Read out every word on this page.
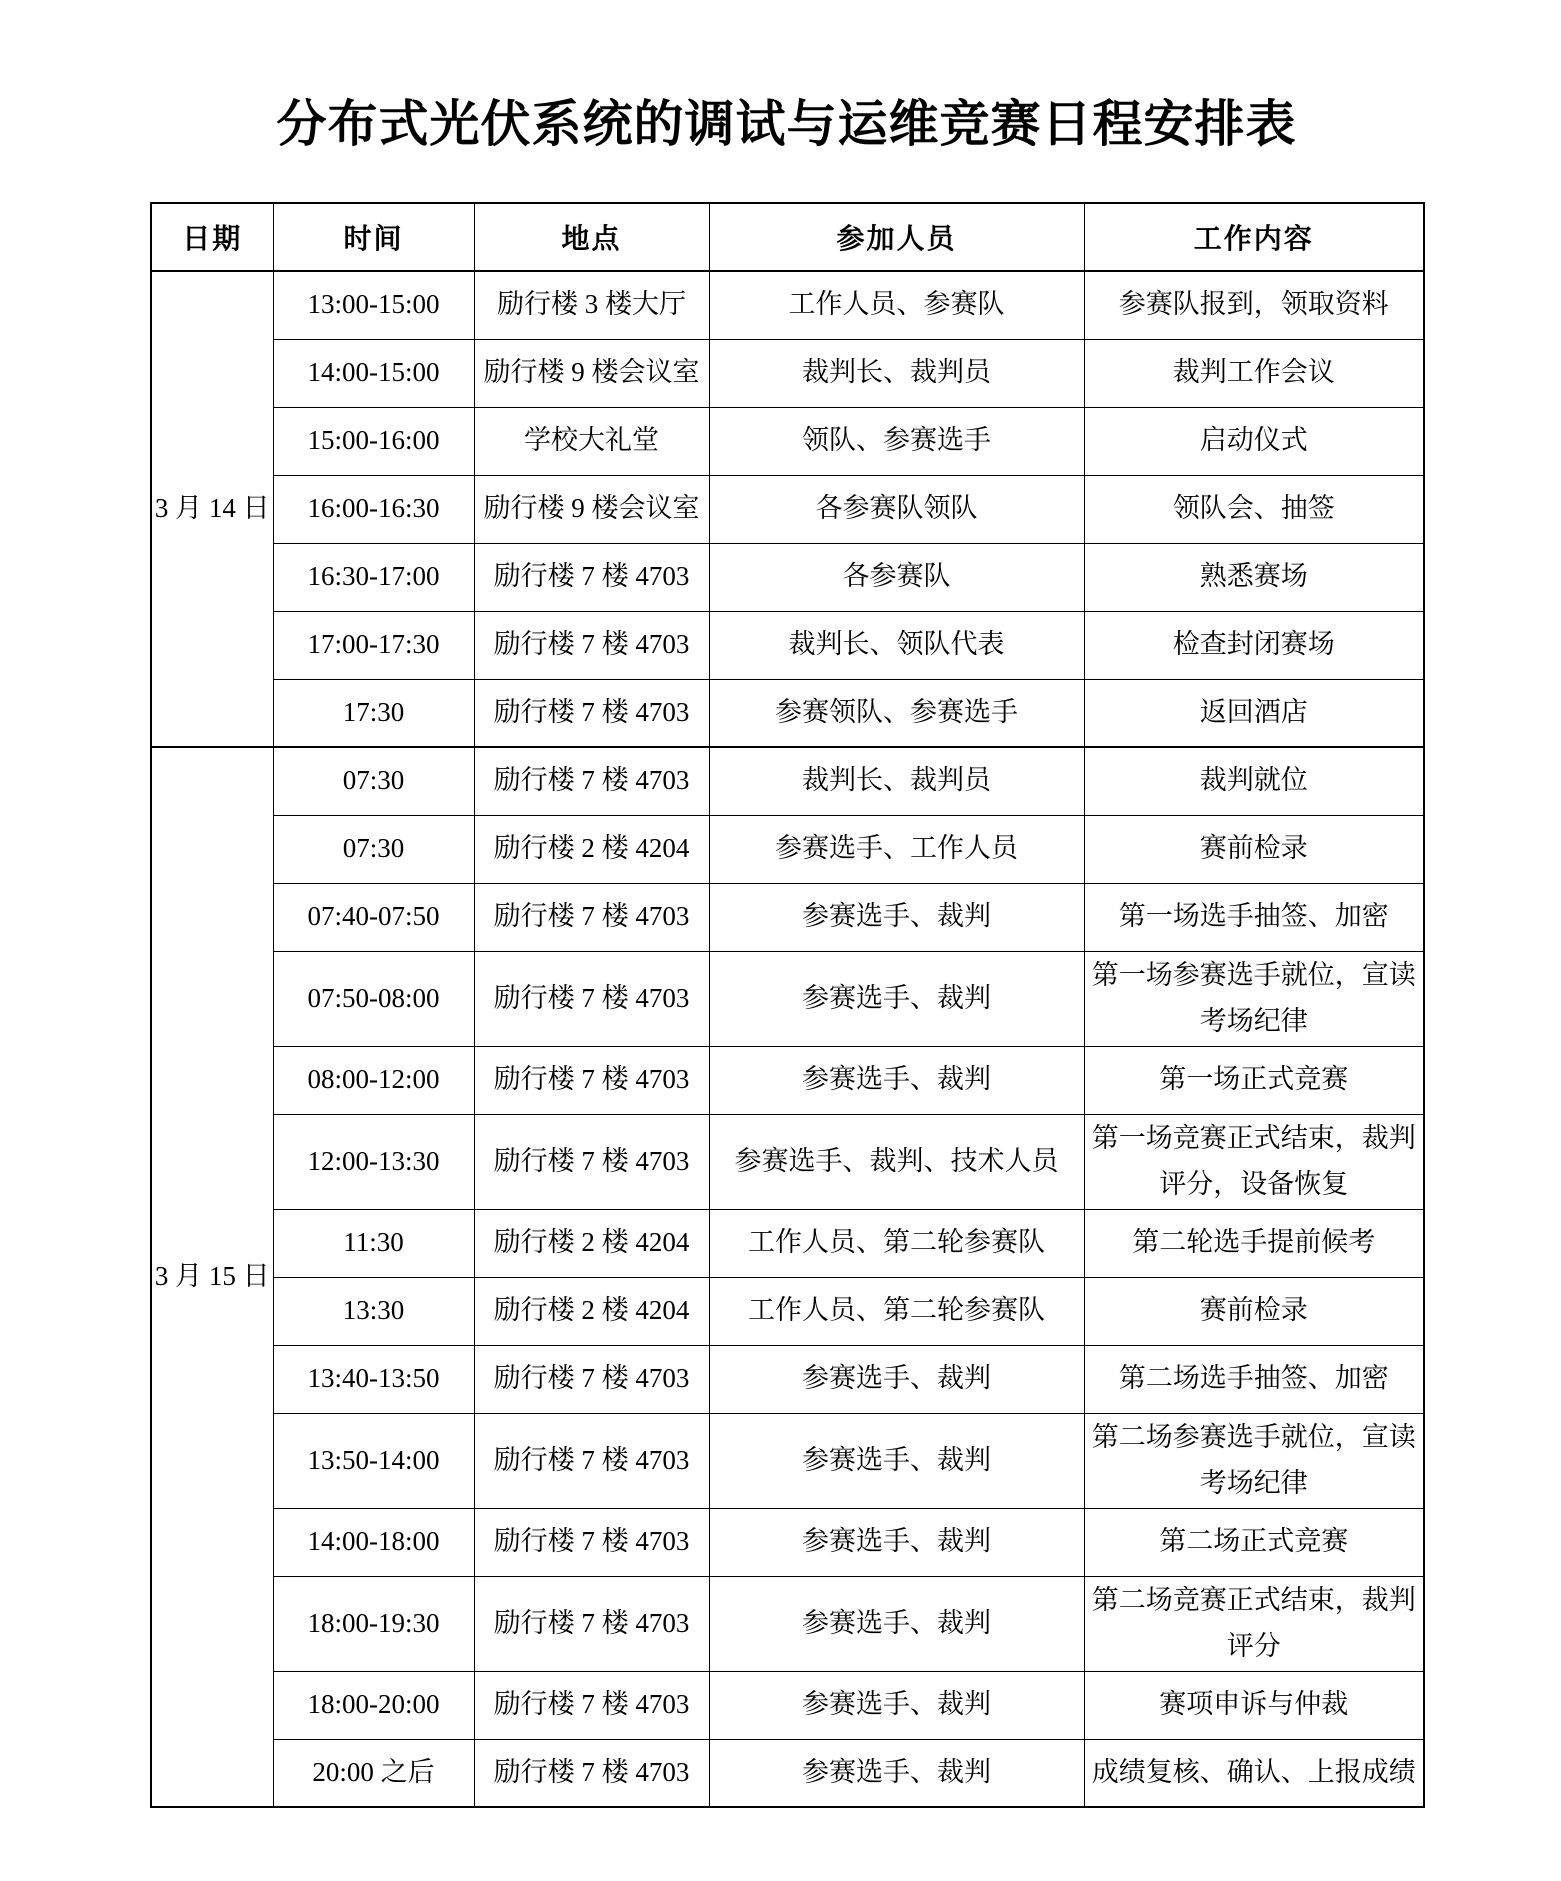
分布式光伏系统的调试与运维竞赛日程安排表
日期	时间	地点	参加人员	工作内容
3 月 14 日	13:00-15:00	励行楼 3 楼大厅	工作人员、参赛队	参赛队报到，领取资料
	14:00-15:00	励行楼 9 楼会议室	裁判长、裁判员	裁判工作会议
	15:00-16:00	学校大礼堂	领队、参赛选手	启动仪式
	16:00-16:30	励行楼 9 楼会议室	各参赛队领队	领队会、抽签
	16:30-17:00	励行楼 7 楼 4703	各参赛队	熟悉赛场
	17:00-17:30	励行楼 7 楼 4703	裁判长、领队代表	检查封闭赛场
	17:30	励行楼 7 楼 4703	参赛领队、参赛选手	返回酒店
3 月 15 日	07:30	励行楼 7 楼 4703	裁判长、裁判员	裁判就位
	07:30	励行楼 2 楼 4204	参赛选手、工作人员	赛前检录
	07:40-07:50	励行楼 7 楼 4703	参赛选手、裁判	第一场选手抽签、加密
	07:50-08:00	励行楼 7 楼 4703	参赛选手、裁判	第一场参赛选手就位，宣读考场纪律
	08:00-12:00	励行楼 7 楼 4703	参赛选手、裁判	第一场正式竞赛
	12:00-13:30	励行楼 7 楼 4703	参赛选手、裁判、技术人员	第一场竞赛正式结束，裁判评分，设备恢复
	11:30	励行楼 2 楼 4204	工作人员、第二轮参赛队	第二轮选手提前候考
	13:30	励行楼 2 楼 4204	工作人员、第二轮参赛队	赛前检录
	13:40-13:50	励行楼 7 楼 4703	参赛选手、裁判	第二场选手抽签、加密
	13:50-14:00	励行楼 7 楼 4703	参赛选手、裁判	第二场参赛选手就位，宣读考场纪律
	14:00-18:00	励行楼 7 楼 4703	参赛选手、裁判	第二场正式竞赛
	18:00-19:30	励行楼 7 楼 4703	参赛选手、裁判	第二场竞赛正式结束，裁判评分
	18:00-20:00	励行楼 7 楼 4703	参赛选手、裁判	赛项申诉与仲裁
	20:00 之后	励行楼 7 楼 4703	参赛选手、裁判	成绩复核、确认、上报成绩
